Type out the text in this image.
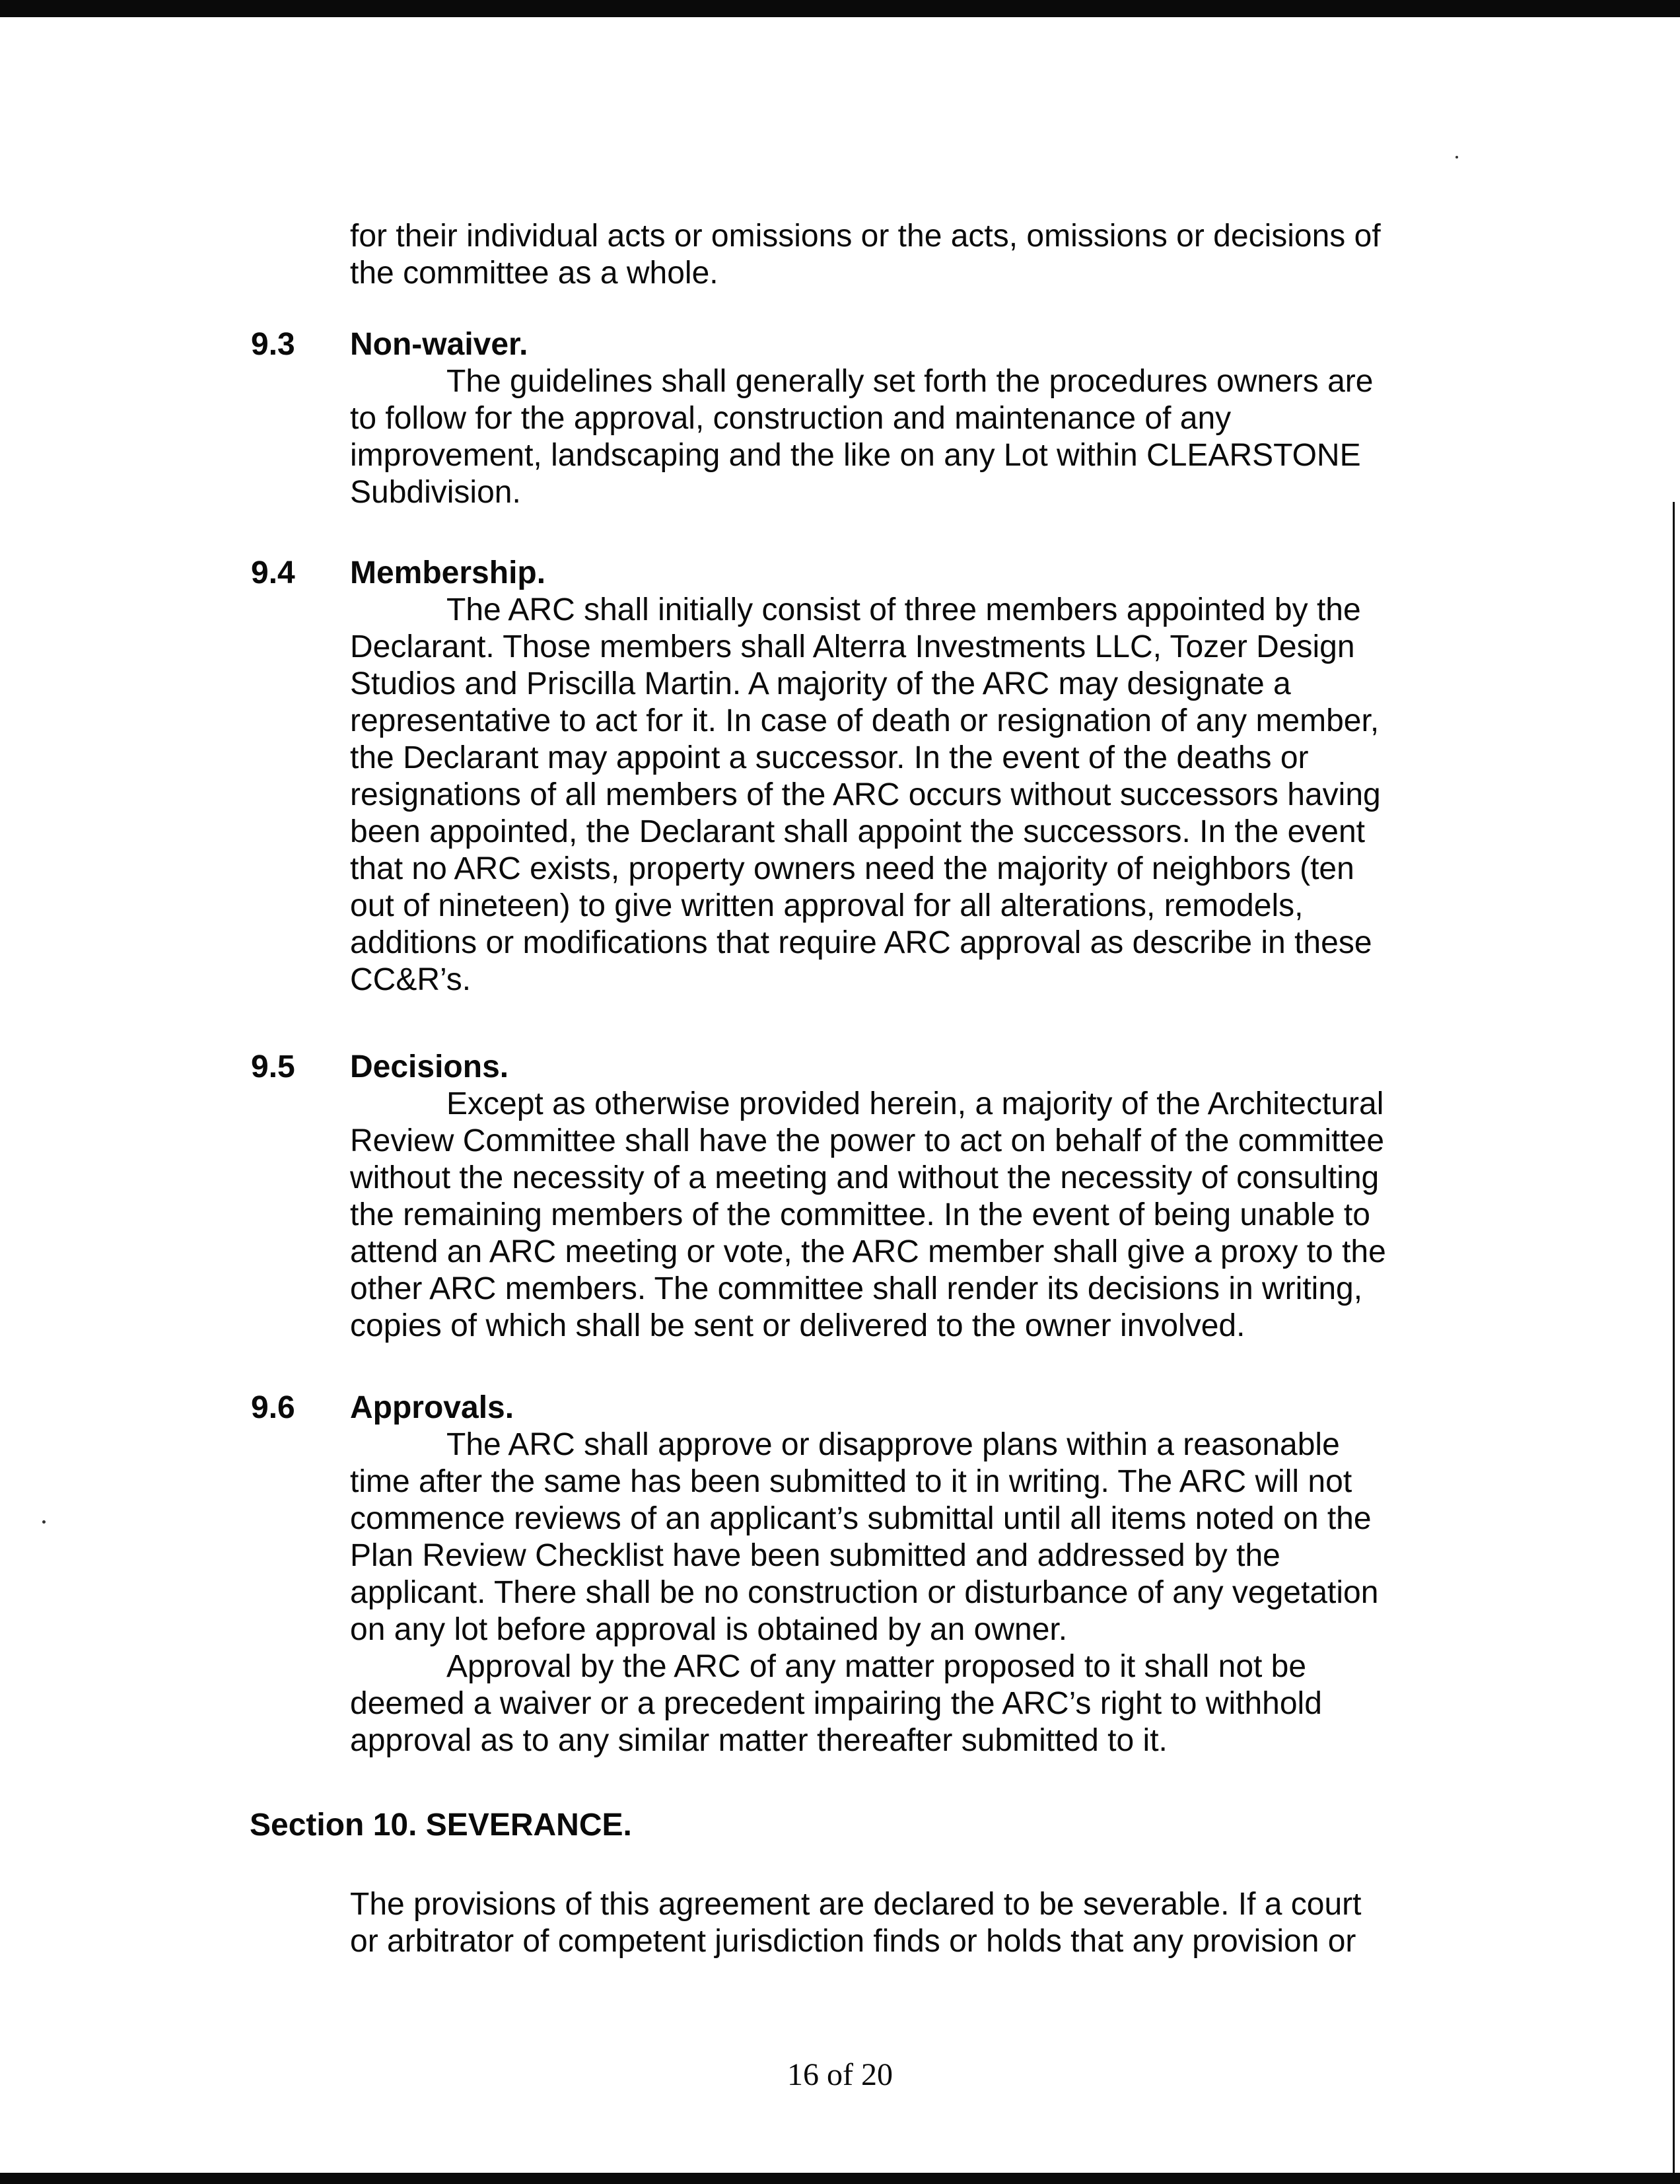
for their individual acts or omissions or the acts, omissions or decisions of
the committee as a whole.
9.3 Non-waiver.
The guidelines shall generally set forth the procedures owners are
to follow for the approval, construction and maintenance of any
improvement, landscaping and the like on any Lot within CLEARSTONE
Subdivision.
9.4 Membership.
The ARC shall initially consist of three members appointed by the
Declarant. Those members shall Alterra Investments LLC, Tozer Design
Studios and Priscilla Martin. A majority of the ARC may designate a
representative to act for it. In case of death or resignation of any member,
the Declarant may appoint a successor. In the event of the deaths or
resignations of all members of the ARC occurs without successors having
been appointed, the Declarant shall appoint the successors. In the event
that no ARC exists, property owners need the majority of neighbors (ten
out of nineteen) to give written approval for all alterations, remodels,
additions or modifications that require ARC approval as describe in these
CC&R’s.
9.5 Decisions.
Except as otherwise provided herein, a majority of the Architectural
Review Committee shall have the power to act on behalf of the committee
without the necessity of a meeting and without the necessity of consulting
the remaining members of the committee. In the event of being unable to
attend an ARC meeting or vote, the ARC member shall give a proxy to the
other ARC members. The committee shall render its decisions in writing,
copies of which shall be sent or delivered to the owner involved.
9.6 Approvals.
The ARC shall approve or disapprove plans within a reasonable
time after the same has been submitted to it in writing. The ARC will not
commence reviews of an applicant’s submittal until all items noted on the
Plan Review Checklist have been submitted and addressed by the
applicant. There shall be no construction or disturbance of any vegetation
on any lot before approval is obtained by an owner.
Approval by the ARC of any matter proposed to it shall not be
deemed a waiver or a precedent impairing the ARC’s right to withhold
approval as to any similar matter thereafter submitted to it.
Section 10. SEVERANCE.
The provisions of this agreement are declared to be severable. If a court
or arbitrator of competent jurisdiction finds or holds that any provision or
16 of 20
